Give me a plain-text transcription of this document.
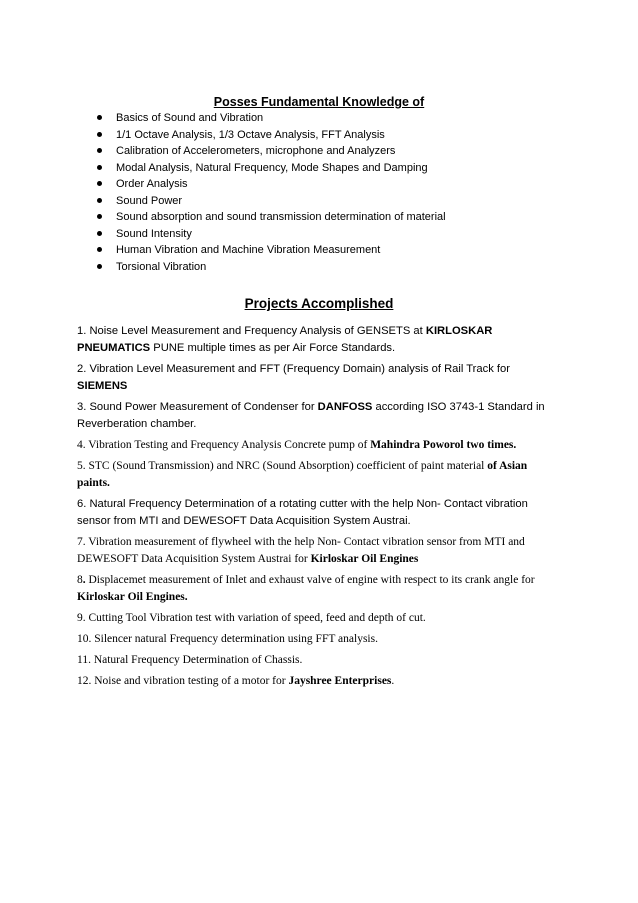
Posses Fundamental Knowledge of
Basics of Sound and Vibration
1/1 Octave Analysis, 1/3 Octave Analysis, FFT Analysis
Calibration of Accelerometers, microphone and Analyzers
Modal Analysis, Natural Frequency, Mode Shapes and Damping
Order Analysis
Sound Power
Sound absorption and sound transmission determination of material
Sound Intensity
Human Vibration and Machine Vibration Measurement
Torsional Vibration
Projects Accomplished
1. Noise Level Measurement and Frequency Analysis of GENSETS at KIRLOSKAR PNEUMATICS PUNE multiple times as per Air Force Standards.
2. Vibration Level Measurement and FFT (Frequency Domain) analysis of Rail Track for SIEMENS
3. Sound Power Measurement of Condenser for DANFOSS according ISO 3743-1 Standard in Reverberation chamber.
4. Vibration Testing and Frequency Analysis Concrete pump of Mahindra Poworol two times.
5. STC (Sound Transmission) and NRC (Sound Absorption) coefficient of paint material of Asian paints.
6. Natural Frequency Determination of a rotating cutter with the help Non- Contact vibration sensor from MTI and DEWESOFT Data Acquisition System Austrai.
7. Vibration measurement of flywheel with the help Non- Contact vibration sensor from MTI and DEWESOFT Data Acquisition System Austrai for Kirloskar Oil Engines
8. Displacemet measurement of Inlet and exhaust valve of engine with respect to its crank angle for Kirloskar Oil Engines.
9. Cutting Tool Vibration test with variation of speed, feed and depth of cut.
10. Silencer natural Frequency determination using FFT analysis.
11. Natural Frequency Determination of Chassis.
12. Noise and vibration testing of a motor for Jayshree Enterprises.
